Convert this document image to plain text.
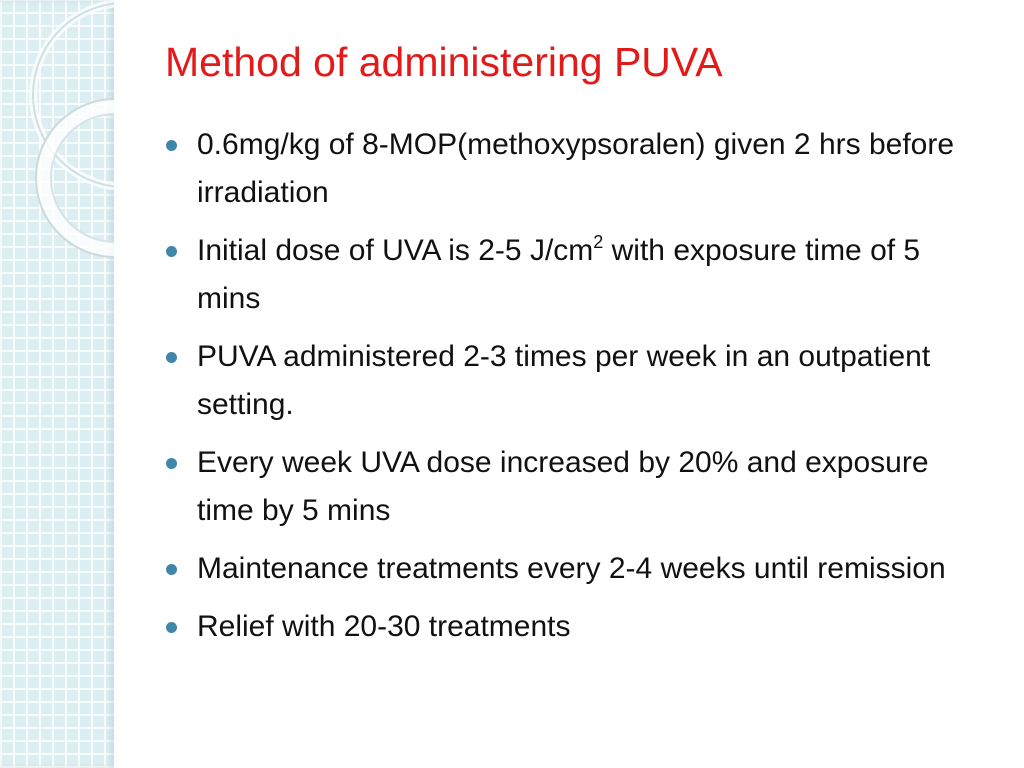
Method of administering PUVA
0.6mg/kg of 8-MOP(methoxypsoralen) given 2 hrs before irradiation
Initial dose of UVA is 2-5 $J/cm^2$ with exposure time of 5 mins
PUVA administered 2-3 times per week in an outpatient setting.
Every week UVA dose increased by 20% and exposure time by 5 mins
Maintenance treatments every 2-4 weeks until remission
Relief with 20-30 treatments
